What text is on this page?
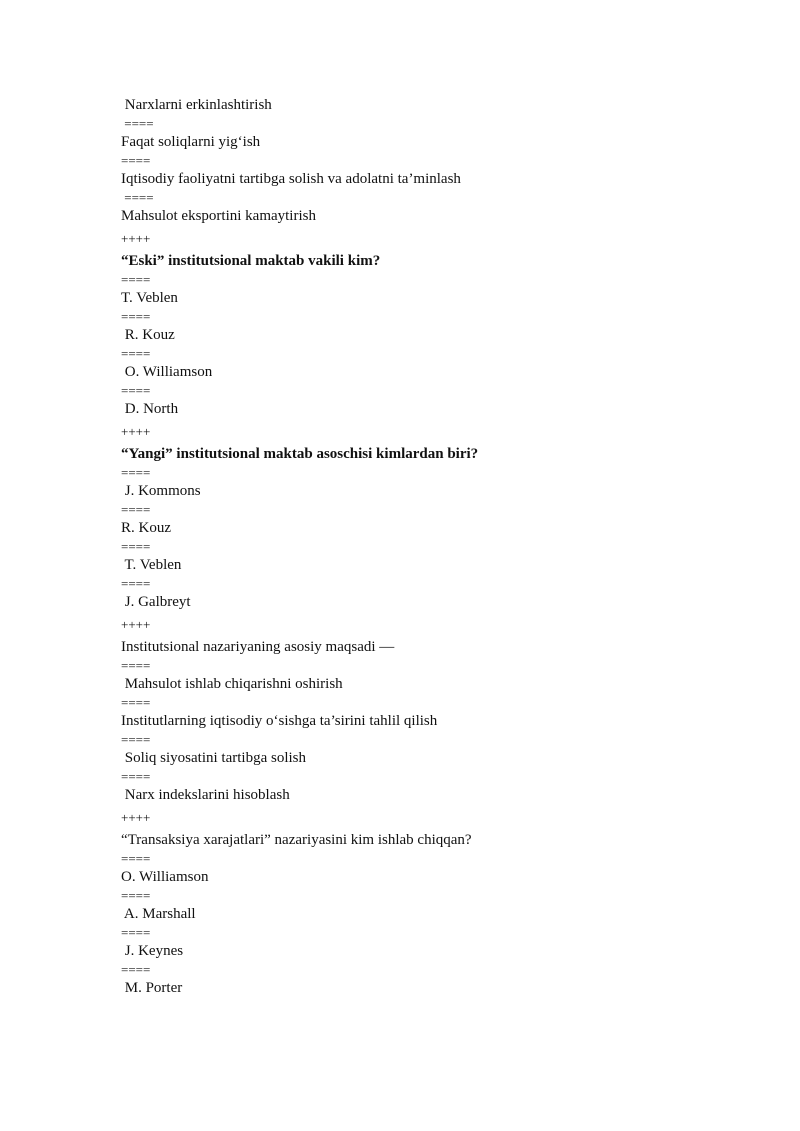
Narxlarni erkinlashtirish
====
Faqat soliqlarni yig‘ish
====
Iqtisodiy faoliyatni tartibga solish va adolatni ta’minlash
====
Mahsulot eksportini kamaytirish
++++
“Eski” institutsional maktab vakili kim?
====
T. Veblen
====
R. Kouz
====
O. Williamson
====
D. North
++++
“Yangi” institutsional maktab asoschisi kimlardan biri?
====
J. Kommons
====
R. Kouz
====
T. Veblen
====
J. Galbreyt
++++
Institutsional nazariyaning asosiy maqsadi —
====
Mahsulot ishlab chiqarishni oshirish
====
Institutlarning iqtisodiy o‘sishga ta’sirini tahlil qilish
====
Soliq siyosatini tartibga solish
====
Narx indekslarini hisoblash
++++
“Transaksiya xarajatlari” nazariyasini kim ishlab chiqqan?
====
O. Williamson
====
A. Marshall
====
J. Keynes
====
M. Porter
